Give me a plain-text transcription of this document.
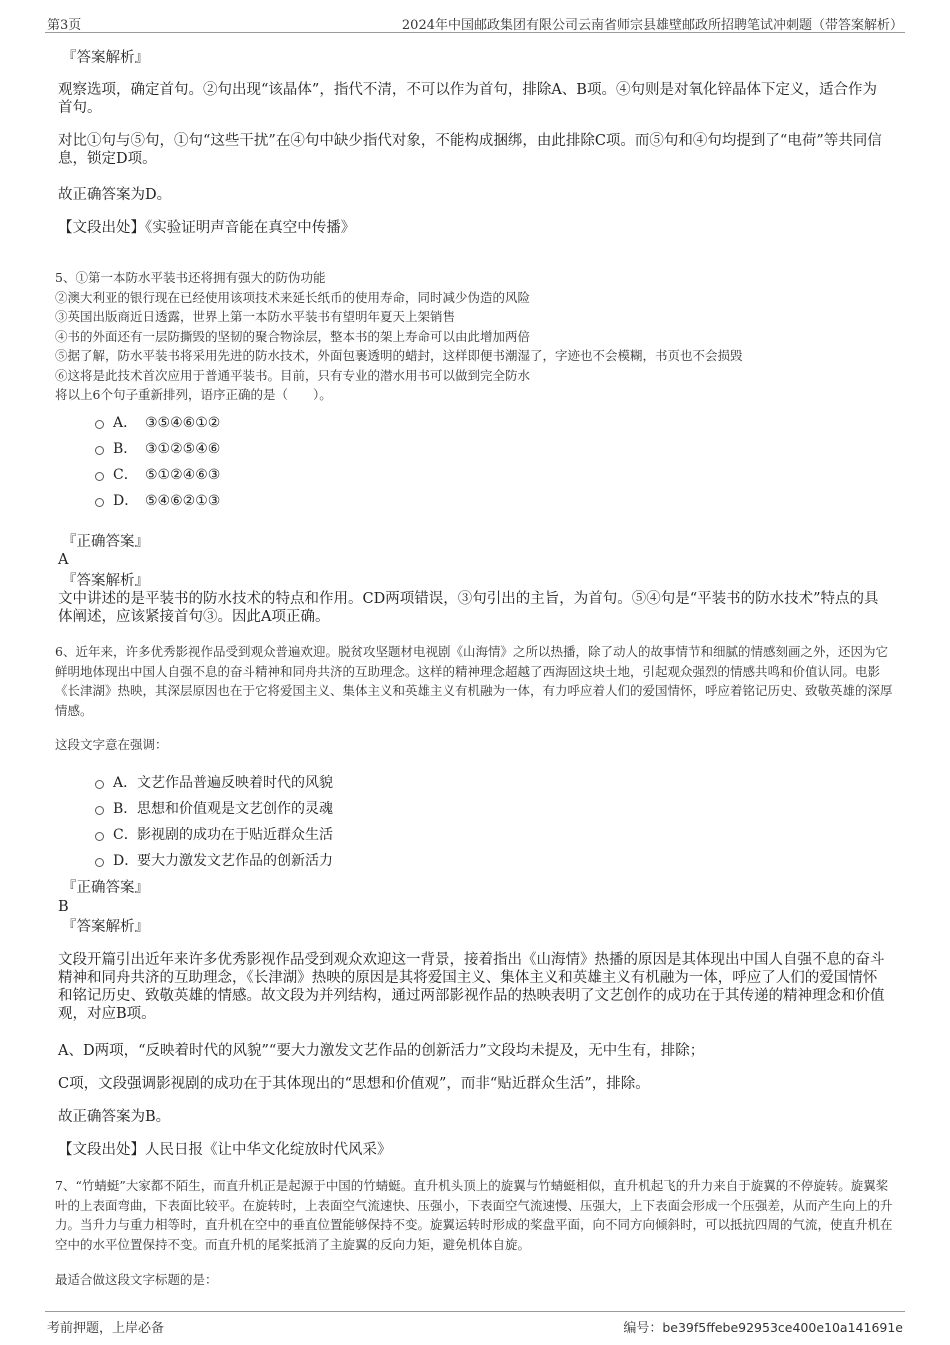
第3页	2024年中国邮政集团有限公司云南省师宗县雄壁邮政所招聘笔试冲刺题（带答案解析）
『答案解析』

观察选项，确定首句。②句出现“该晶体”，指代不清，不可以作为首句，排除A、B项。④句则是对氧化锌晶体下定义，适合作为首句。

对比①句与⑤句，①句“这些干扰”在④句中缺少指代对象，不能构成捆绑，由此排除C项。而⑤句和④句均提到了“电荷”等共同信息，锁定D项。

故正确答案为D。

【文段出处】《实验证明声音能在真空中传播》

5、①第一本防水平装书还将拥有强大的防伪功能
②澳大利亚的银行现在已经使用该项技术来延长纸币的使用寿命，同时减少伪造的风险
③英国出版商近日透露，世界上第一本防水平装书有望明年夏天上架销售
④书的外面还有一层防撕毁的坚韧的聚合物涂层，整本书的架上寿命可以由此增加两倍
⑤据了解，防水平装书将采用先进的防水技术，外面包裹透明的蜡封，这样即便书潮湿了，字迹也不会模糊，书页也不会损毁
⑥这将是此技术首次应用于普通平装书。目前，只有专业的潜水用书可以做到完全防水
将以上6个句子重新排列，语序正确的是（　　）。
A． ③⑤④⑥①②
B． ③①②⑤④⑥
C． ⑤①②④⑥③
D． ⑤④⑥②①③
『正确答案』
A
『答案解析』

文中讲述的是平装书的防水技术的特点和作用。CD两项错误，③句引出的主旨，为首句。⑤④句是“平装书的防水技术”特点的具体阐述，应该紧接首句③。因此A项正确。

6、近年来，许多优秀影视作品受到观众普遍欢迎。脱贫攻坚题材电视剧《山海情》之所以热播，除了动人的故事情节和细腻的情感刻画之外，还因为它鲜明地体现出中国人自强不息的奋斗精神和同舟共济的互助理念。这样的精神理念超越了西海固这块土地，引起观众强烈的情感共鸣和价值认同。电影《长津湖》热映，其深层原因也在于它将爱国主义、集体主义和英雄主义有机融为一体，有力呼应着人们的爱国情怀，呼应着铭记历史、致敬英雄的深厚情感。

这段文字意在强调：

A． 文艺作品普遍反映着时代的风貌
B． 思想和价值观是文艺创作的灵魂
C． 影视剧的成功在于贴近群众生活
D．
要大力激发文艺作品的创新活力
『正确答案』
B
『答案解析』

文段开篇引出近年来许多优秀影视作品受到观众欢迎这一背景，接着指出《山海情》热播的原因是其体现出中国人自强不息的奋斗精神和同舟共济的互助理念，《长津湖》热映的原因是其将爱国主义、集体主义和英雄主义有机融为一体，呼应了人们的爱国情怀和铭记历史、致敬英雄的情感。故文段为并列结构，通过两部影视作品的热映表明了文艺创作的成功在于其传递的精神理念和价值观，对应B项。

A、D两项，“反映着时代的风貌”“要大力激发文艺作品的创新活力”文段均未提及，无中生有，排除；

C项，文段强调影视剧的成功在于其体现出的“思想和价值观”，而非“贴近群众生活”，排除。

故正确答案为B。

【文段出处】人民日报《让中华文化绽放时代风采》

7、“竹蜻蜓”大家都不陌生，而直升机正是起源于中国的竹蜻蜓。直升机头顶上的旋翼与竹蜻蜓相似，直升机起飞的升力来自于旋翼的不停旋转。旋翼桨叶的上表面弯曲，下表面比较平。在旋转时，上表面空气流速快、压强小，下表面空气流速慢、压强大，上下表面会形成一个压强差，从而产生向上的升力。当升力与重力相等时，直升机在空中的垂直位置能够保持不变。旋翼运转时形成的桨盘平面，向不同方向倾斜时，可以抵抗四周的气流，使直升机在空中的水平位置保持不变。而直升机的尾桨抵消了主旋翼的反向力矩，避免机体自旋。

最适合做这段文字标题的是：

考前押题，上岸必备	编号：be39f5ffebe92953ce400e10a141691e
